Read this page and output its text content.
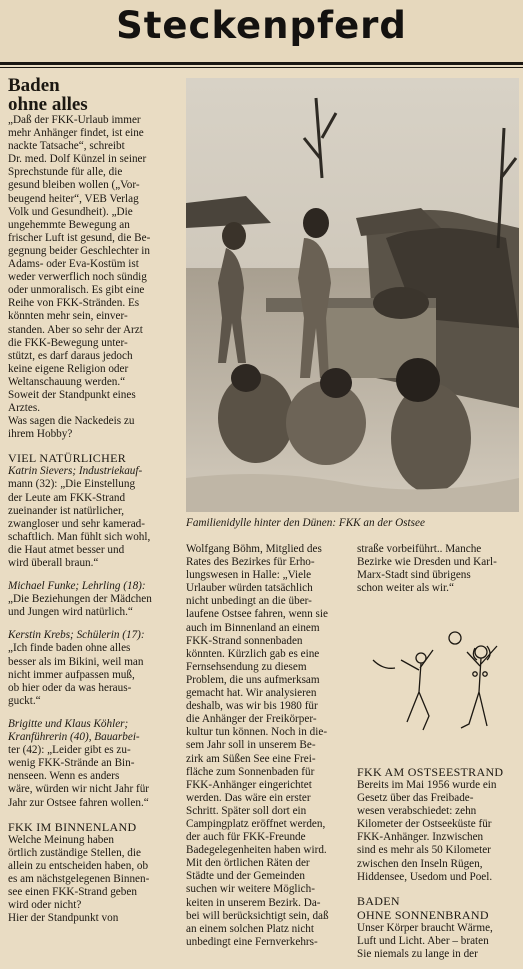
Steckenpferd

Baden
ohne alles

„Daß der FKK-Urlaub immer
mehr Anhänger findet, ist eine
nackte Tatsache“, schreibt
Dr. med. Dolf Künzel in seiner
Sprechstunde für alle, die
gesund bleiben wollen („Vor-
beugend heiter“, VEB Verlag
Volk und Gesundheit). „Die
ungehemmte Bewegung an
frischer Luft ist gesund, die Be-
gegnung beider Geschlechter in
Adams- oder Eva-Kostüm ist
weder verwerflich noch sündig
oder unmoralisch. Es gibt eine
Reihe von FKK-Stränden. Es
könnten mehr sein, einver-
standen. Aber so sehr der Arzt
die FKK-Bewegung unter-
stützt, es darf daraus jedoch
keine eigene Religion oder
Weltanschauung werden.“
Soweit der Standpunkt eines
Arztes.
Was sagen die Nackedeis zu
ihrem Hobby?

VIEL NATÜRLICHER

Katrin Sievers; Industriekauf-
mann (32): „Die Einstellung
der Leute am FKK-Strand
zueinander ist natürlicher,
zwangloser und sehr kamerad-
schaftlich. Man fühlt sich wohl,
die Haut atmet besser und
wird überall braun.“
Michael Funke; Lehrling (18):
„Die Beziehungen der Mädchen
und Jungen wird natürlich.“
Kerstin Krebs; Schülerin (17):
„Ich finde baden ohne alles
besser als im Bikini, weil man
nicht immer aufpassen muß,
ob hier oder da was heraus-
guckt.“
Brigitte und Klaus Köhler;
Kranführerin (40), Bauarbei-
ter (42): „Leider gibt es zu-
wenig FKK-Strände an Bin-
nenseen. Wenn es anders
wäre, würden wir nicht Jahr für
Jahr zur Ostsee fahren wollen.“

FKK IM BINNENLAND

Welche Meinung haben
örtlich zuständige Stellen, die
allein zu entscheiden haben, ob
es am nächstgelegenen Binnen-
see einen FKK-Strand geben
wird oder nicht?
Hier der Standpunkt von
Familienidylle hinter den Dünen: FKK an der Ostsee
Wolfgang Böhm, Mitglied des
Rates des Bezirkes für Erho-
lungswesen in Halle: „Viele
Urlauber würden tatsächlich
nicht unbedingt an die über-
laufene Ostsee fahren, wenn sie
auch im Binnenland an einem
FKK-Strand sonnenbaden
könnten. Kürzlich gab es eine
Fernsehsendung zu diesem
Problem, die uns aufmerksam
gemacht hat. Wir analysieren
deshalb, was wir bis 1980 für
die Anhänger der Freikörper-
kultur tun können. Noch in die-
sem Jahr soll in unserem Be-
zirk am Süßen See eine Frei-
fläche zum Sonnenbaden für
FKK-Anhänger eingerichtet
werden. Das wäre ein erster
Schritt. Später soll dort ein
Campingplatz eröffnet werden,
der auch für FKK-Freunde
Badegelegenheiten haben wird.
Mit den örtlichen Räten der
Städte und der Gemeinden
suchen wir weitere Möglich-
keiten in unserem Bezirk. Da-
bei will berücksichtigt sein, daß
an einem solchen Platz nicht
unbedingt eine Fernverkehrs-
straße vorbeiführt.. Manche
Bezirke wie Dresden und Karl-
Marx-Stadt sind übrigens
schon weiter als wir.“

FKK AM OSTSEESTRAND

Bereits im Mai 1956 wurde ein
Gesetz über das Freibade-
wesen verabschiedet: zehn
Kilometer der Ostseeküste für
FKK-Anhänger. Inzwischen
sind es mehr als 50 Kilometer
zwischen den Inseln Rügen,
Hiddensee, Usedom und Poel.

BADEN
OHNE SONNENBRAND

Unser Körper braucht Wärme,
Luft und Licht. Aber – braten
Sie niemals zu lange in der
